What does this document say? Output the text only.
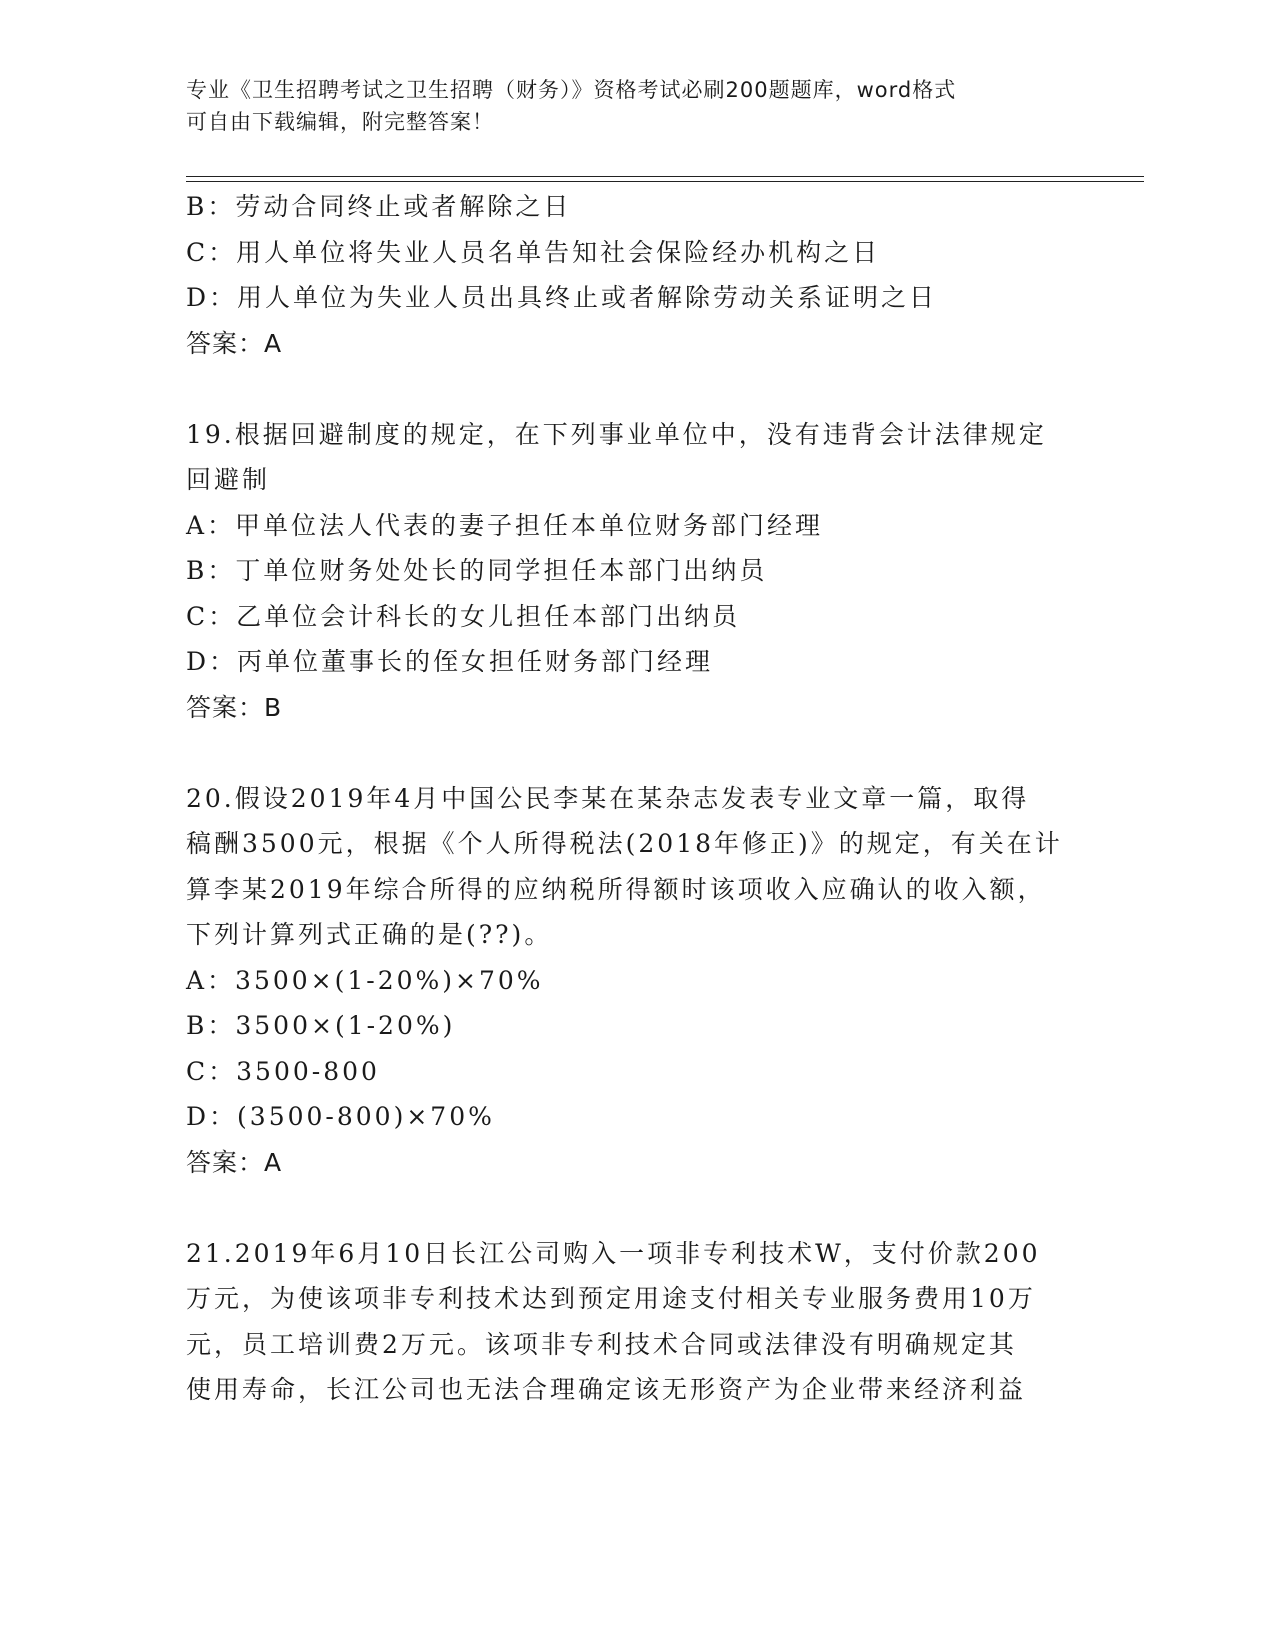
专业《卫生招聘考试之卫生招聘（财务）》资格考试必刷200题题库，word格式
可自由下载编辑，附完整答案！
B：劳动合同终止或者解除之日
C：用人单位将失业人员名单告知社会保险经办机构之日
D：用人单位为失业人员出具终止或者解除劳动关系证明之日
答案：A
19.根据回避制度的规定，在下列事业单位中，没有违背会计法律规定
回避制
A：甲单位法人代表的妻子担任本单位财务部门经理
B：丁单位财务处处长的同学担任本部门出纳员
C：乙单位会计科长的女儿担任本部门出纳员
D：丙单位董事长的侄女担任财务部门经理
答案：B
20.假设2019年4月中国公民李某在某杂志发表专业文章一篇，取得
稿酬3500元，根据《个人所得税法(2018年修正)》的规定，有关在计
算李某2019年综合所得的应纳税所得额时该项收入应确认的收入额，
下列计算列式正确的是(??)。
A：3500×(1-20%)×70%
B：3500×(1-20%)
C：3500-800
D：(3500-800)×70%
答案：A
21.2019年6月10日长江公司购入一项非专利技术W，支付价款200
万元，为使该项非专利技术达到预定用途支付相关专业服务费用10万
元，员工培训费2万元。该项非专利技术合同或法律没有明确规定其
使用寿命，长江公司也无法合理确定该无形资产为企业带来经济利益
